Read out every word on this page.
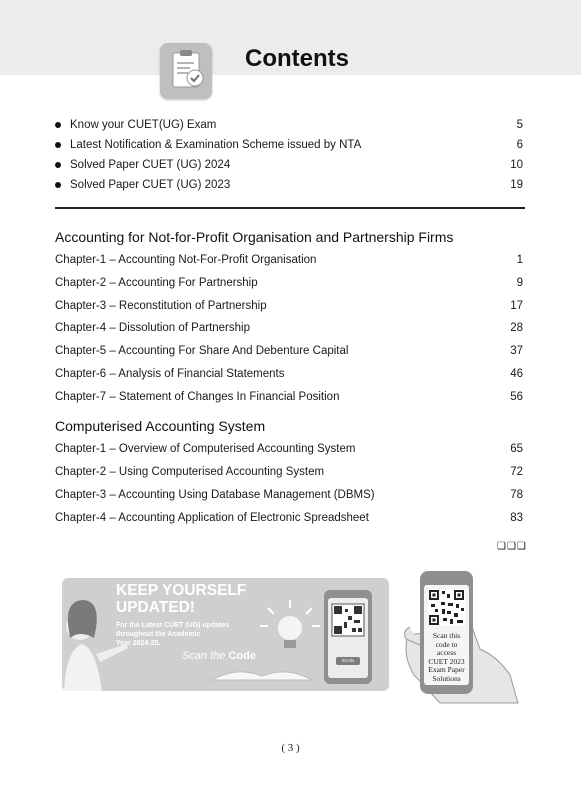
Contents
Know your CUET(UG) Exam	5
Latest Notification & Examination Scheme issued by NTA	6
Solved Paper CUET (UG) 2024	10
Solved Paper CUET (UG) 2023	19
Accounting for Not-for-Profit Organisation and Partnership Firms
Chapter-1 – Accounting Not-For-Profit Organisation	1
Chapter-2 – Accounting For Partnership	9
Chapter-3 – Reconstitution of Partnership	17
Chapter-4 – Dissolution of Partnership	28
Chapter-5 – Accounting For Share And Debenture Capital	37
Chapter-6 – Analysis of Financial Statements	46
Chapter-7 – Statement of Changes In Financial Position	56
Computerised Accounting System
Chapter-1 – Overview of Computerised Accounting System	65
Chapter-2 – Using Computerised Accounting System	72
Chapter-3 – Accounting Using Database Management (DBMS)	78
Chapter-4 – Accounting Application of Electronic Spreadsheet	83
❑❑❑
KEEP YOURSELF
UPDATED!
For the Latest CUET (UG) updates
throughout the Academic
Year 2024-25.
Scan the Code	SCAN
Scan this
code to
access
CUET 2023
Exam Paper
Solutions
( 3 )
